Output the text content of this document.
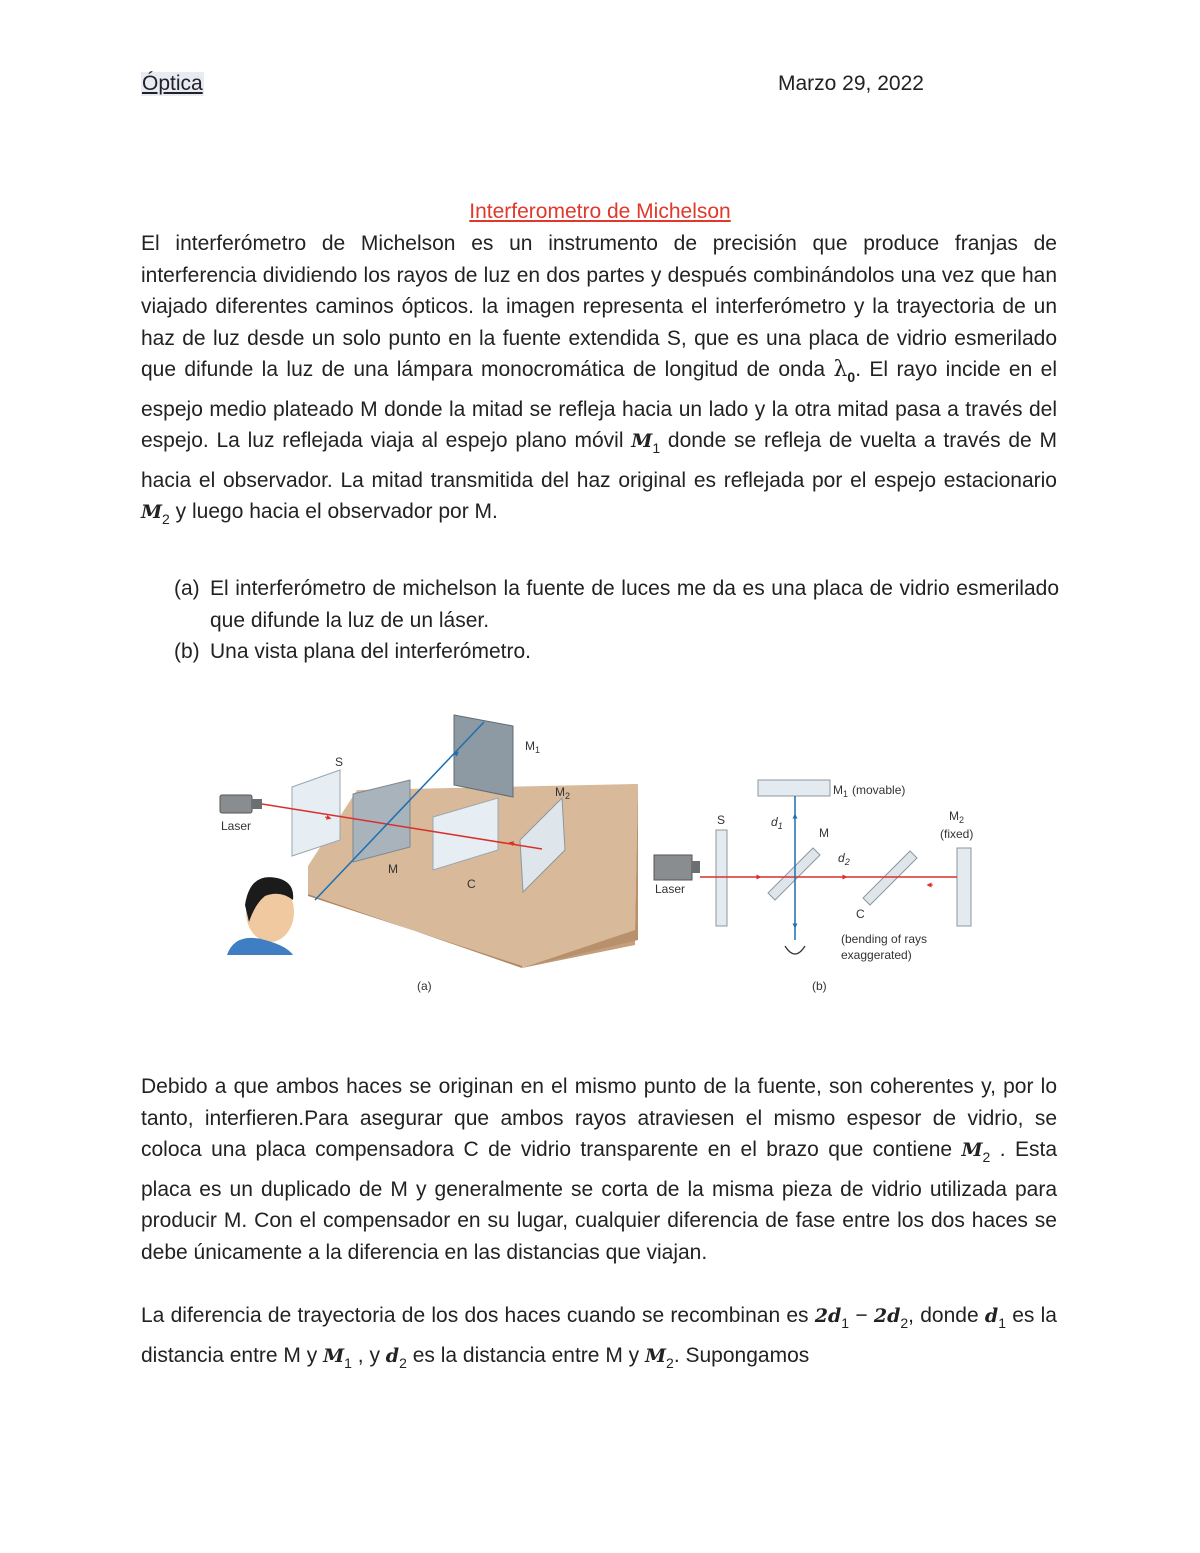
Óptica	Marzo 29, 2022
Interferometro de Michelson
El interferómetro de Michelson es un instrumento de precisión que produce franjas de interferencia dividiendo los rayos de luz en dos partes y después combinándolos una vez que han viajado diferentes caminos ópticos. la imagen representa el interferómetro y la trayectoria de un haz de luz desde un solo punto en la fuente extendida S, que es una placa de vidrio esmerilado que difunde la luz de una lámpara monocromática de longitud de onda $\lambda_0$. El rayo incide en el espejo medio plateado M donde la mitad se refleja hacia un lado y la otra mitad pasa a través del espejo. La luz reflejada viaja al espejo plano móvil $M_1$ donde se refleja de vuelta a través de M hacia el observador. La mitad transmitida del haz original es reflejada por el espejo estacionario $M_2$ y luego hacia el observador por M.
(a) El interferómetro de michelson la fuente de luces me da es una placa de vidrio esmerilado que difunde la luz de un láser.
(b) Una vista plana del interferómetro.
Laser
S
M
$M_1$
C
$M_2$
(a)
$M_1$ (movable)
S
Laser
M
C
$M_2$
(fixed)
$d_1$
$d_2$
(bending of rays
exaggerated)
(b)
Debido a que ambos haces se originan en el mismo punto de la fuente, son coherentes y, por lo tanto, interfieren.Para asegurar que ambos rayos atraviesen el mismo espesor de vidrio, se coloca una placa compensadora C de vidrio transparente en el brazo que contiene $M_2$ . Esta placa es un duplicado de M y generalmente se corta de la misma pieza de vidrio utilizada para producir M. Con el compensador en su lugar, cualquier diferencia de fase entre los dos haces se debe únicamente a la diferencia en las distancias que viajan.
La diferencia de trayectoria de los dos haces cuando se recombinan es $2d_1 - 2d_2$, donde $d_1$ es la distancia entre M y $M_1$ , y $d_2$ es la distancia entre M y $M_2$. Supongamos
